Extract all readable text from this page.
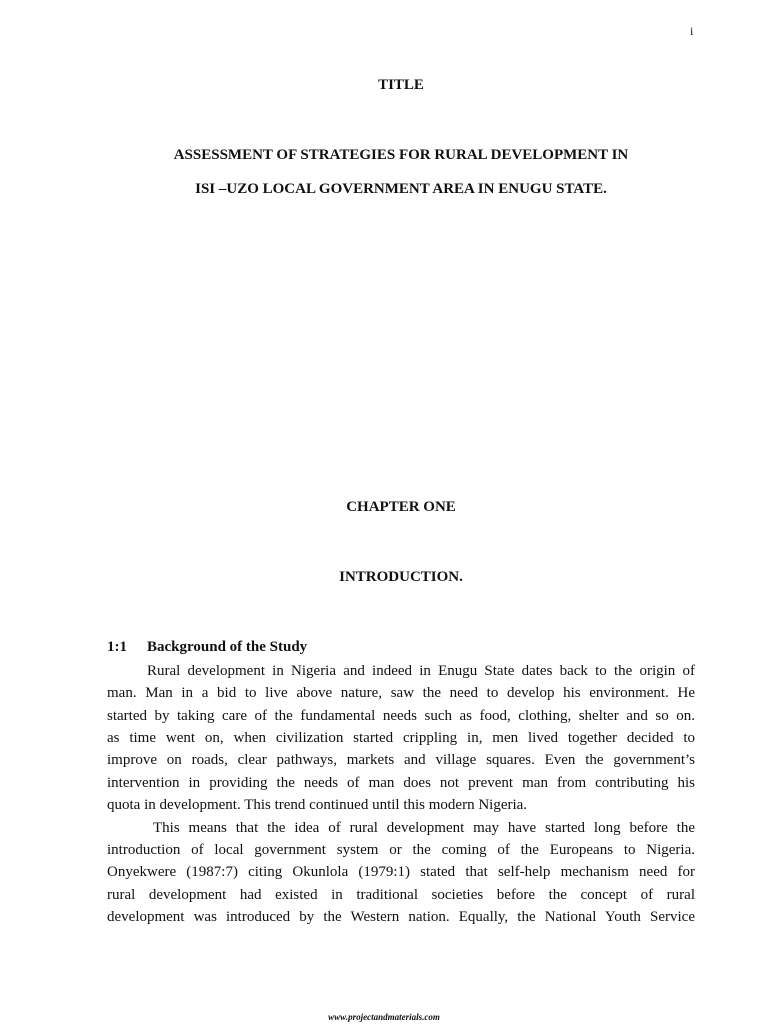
i
TITLE
ASSESSMENT OF STRATEGIES FOR RURAL DEVELOPMENT IN
ISI –UZO LOCAL GOVERNMENT AREA IN ENUGU STATE.
CHAPTER ONE
INTRODUCTION.
1:1 Background of the Study
Rural development in Nigeria and indeed in Enugu State dates back to the origin of
man. Man in a bid to live above nature, saw the need to develop his environment. He
started by taking care of the fundamental needs such as food, clothing, shelter and so on.
as time went on, when civilization started crippling in, men lived together decided to
improve on roads, clear pathways, markets and village squares. Even the government’s
intervention in providing the needs of man does not prevent man from contributing his
quota in development. This trend continued until this modern Nigeria.
This means that the idea of rural development may have started long before the
introduction of local government system or the coming of the Europeans to Nigeria.
Onyekwere (1987:7) citing Okunlola (1979:1) stated that self-help mechanism need for
rural development had existed in traditional societies before the concept of rural
development was introduced by the Western nation. Equally, the National Youth Service
www.projectandmaterials.com
